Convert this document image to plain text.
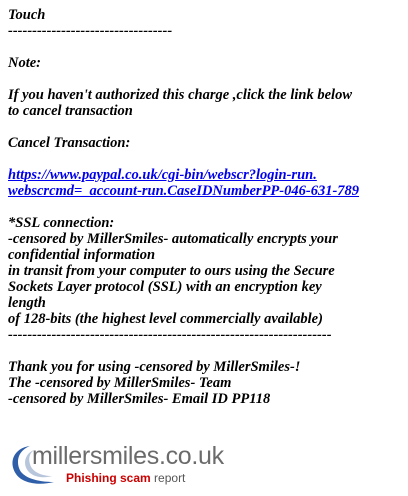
Touch

----------------------------------

Note:

If you haven't authorized this charge ,click the link below

to cancel transaction

Cancel Transaction:

https://www.paypal.co.uk/cgi-bin/webscr?login-run.

webscrcmd=_account-run.CaseIDNumberPP-046-631-789

*SSL connection:

-censored by MillerSmiles- automatically encrypts your

confidential information

in transit from your computer to ours using the Secure

Sockets Layer protocol (SSL) with an encryption key

length

of 128-bits (the highest level commercially available)

-------------------------------------------------------------------

Thank you for using -censored by MillerSmiles-!

The -censored by MillerSmiles- Team

-censored by MillerSmiles- Email ID PP118

millersmiles.co.uk
Phishing scam report
